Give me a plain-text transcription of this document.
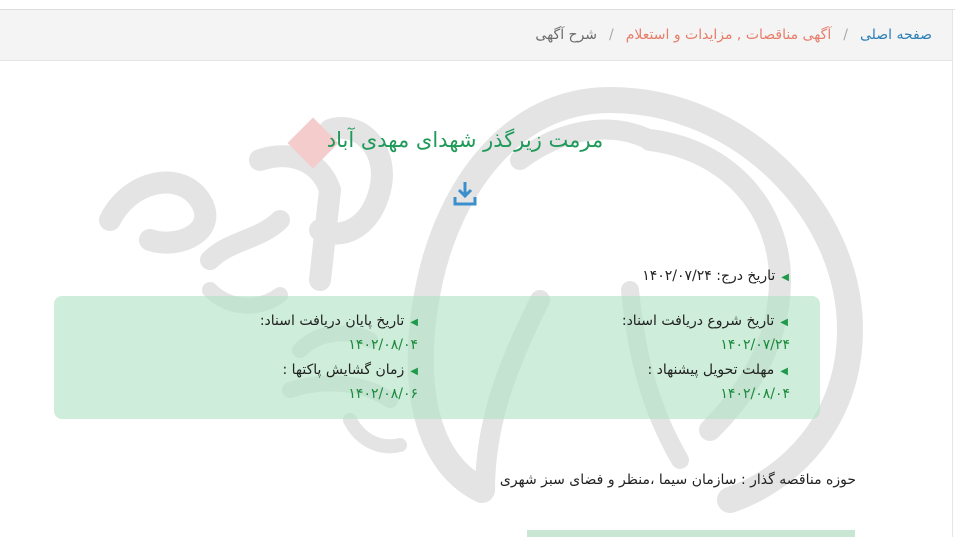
صفحه اصلی/آگهی مناقصات , مزایدات و استعلام/شرح آگهی
مرمت زیرگذر شهدای مهدی آباد
◀تاریخ درج: ۱۴۰۲/۰۷/۲۴
◀تاریخ شروع دریافت اسناد:
۱۴۰۲/۰۷/۲۴
◀مهلت تحویل پیشنهاد :
۱۴۰۲/۰۸/۰۴
◀تاریخ پایان دریافت اسناد:
۱۴۰۲/۰۸/۰۴
◀زمان گشایش پاکتها :
۱۴۰۲/۰۸/۰۶
حوزه مناقصه گذار : سازمان سیما ،منظر و فضای سبز شهری
